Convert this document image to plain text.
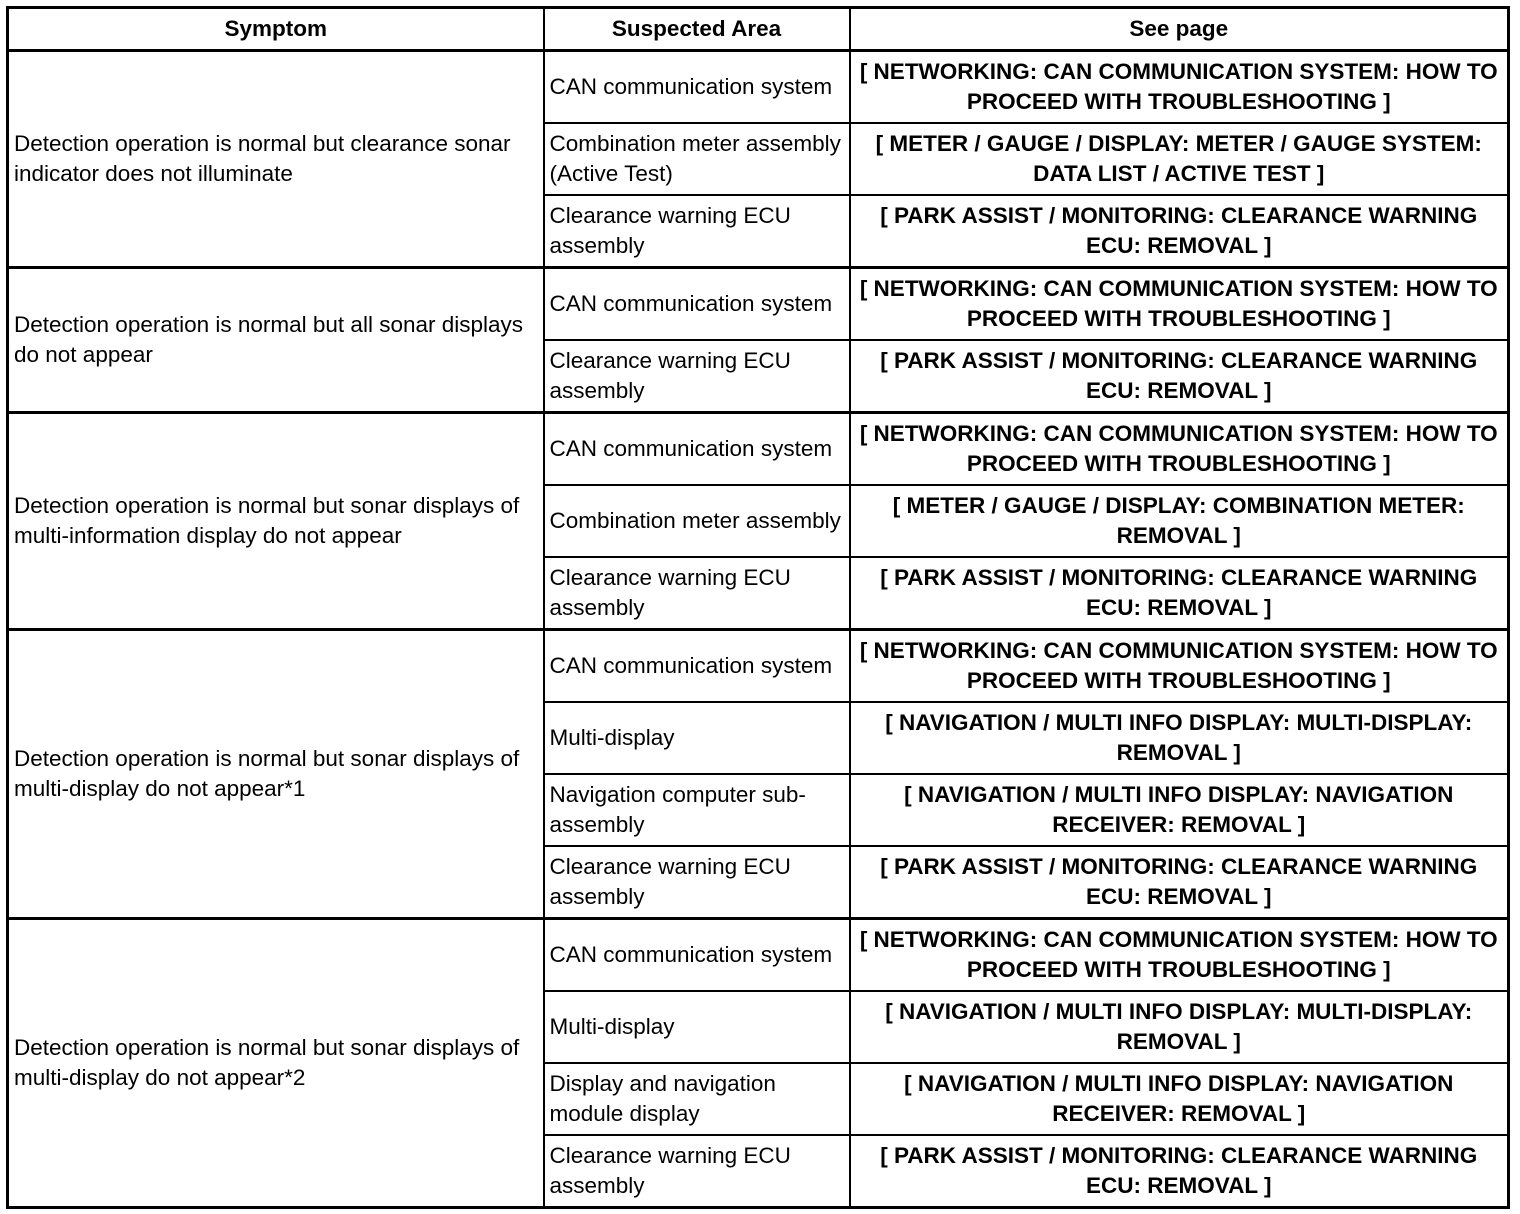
Symptom	Suspected Area	See page
Detection operation is normal but clearance sonar indicator does not illuminate	CAN communication system	[ NETWORKING: CAN COMMUNICATION SYSTEM: HOW TO PROCEED WITH TROUBLESHOOTING ]
	Combination meter assembly (Active Test)	[ METER / GAUGE / DISPLAY: METER / GAUGE SYSTEM: DATA LIST / ACTIVE TEST ]
	Clearance warning ECU assembly	[ PARK ASSIST / MONITORING: CLEARANCE WARNING ECU: REMOVAL ]
Detection operation is normal but all sonar displays do not appear	CAN communication system	[ NETWORKING: CAN COMMUNICATION SYSTEM: HOW TO PROCEED WITH TROUBLESHOOTING ]
	Clearance warning ECU assembly	[ PARK ASSIST / MONITORING: CLEARANCE WARNING ECU: REMOVAL ]
Detection operation is normal but sonar displays of multi-information display do not appear	CAN communication system	[ NETWORKING: CAN COMMUNICATION SYSTEM: HOW TO PROCEED WITH TROUBLESHOOTING ]
	Combination meter assembly	[ METER / GAUGE / DISPLAY: COMBINATION METER: REMOVAL ]
	Clearance warning ECU assembly	[ PARK ASSIST / MONITORING: CLEARANCE WARNING ECU: REMOVAL ]
Detection operation is normal but sonar displays of multi-display do not appear*1	CAN communication system	[ NETWORKING: CAN COMMUNICATION SYSTEM: HOW TO PROCEED WITH TROUBLESHOOTING ]
	Multi-display	[ NAVIGATION / MULTI INFO DISPLAY: MULTI-DISPLAY: REMOVAL ]
	Navigation computer sub-assembly	[ NAVIGATION / MULTI INFO DISPLAY: NAVIGATION RECEIVER: REMOVAL ]
	Clearance warning ECU assembly	[ PARK ASSIST / MONITORING: CLEARANCE WARNING ECU: REMOVAL ]
Detection operation is normal but sonar displays of multi-display do not appear*2	CAN communication system	[ NETWORKING: CAN COMMUNICATION SYSTEM: HOW TO PROCEED WITH TROUBLESHOOTING ]
	Multi-display	[ NAVIGATION / MULTI INFO DISPLAY: MULTI-DISPLAY: REMOVAL ]
	Display and navigation module display	[ NAVIGATION / MULTI INFO DISPLAY: NAVIGATION RECEIVER: REMOVAL ]
	Clearance warning ECU assembly	[ PARK ASSIST / MONITORING: CLEARANCE WARNING ECU: REMOVAL ]
